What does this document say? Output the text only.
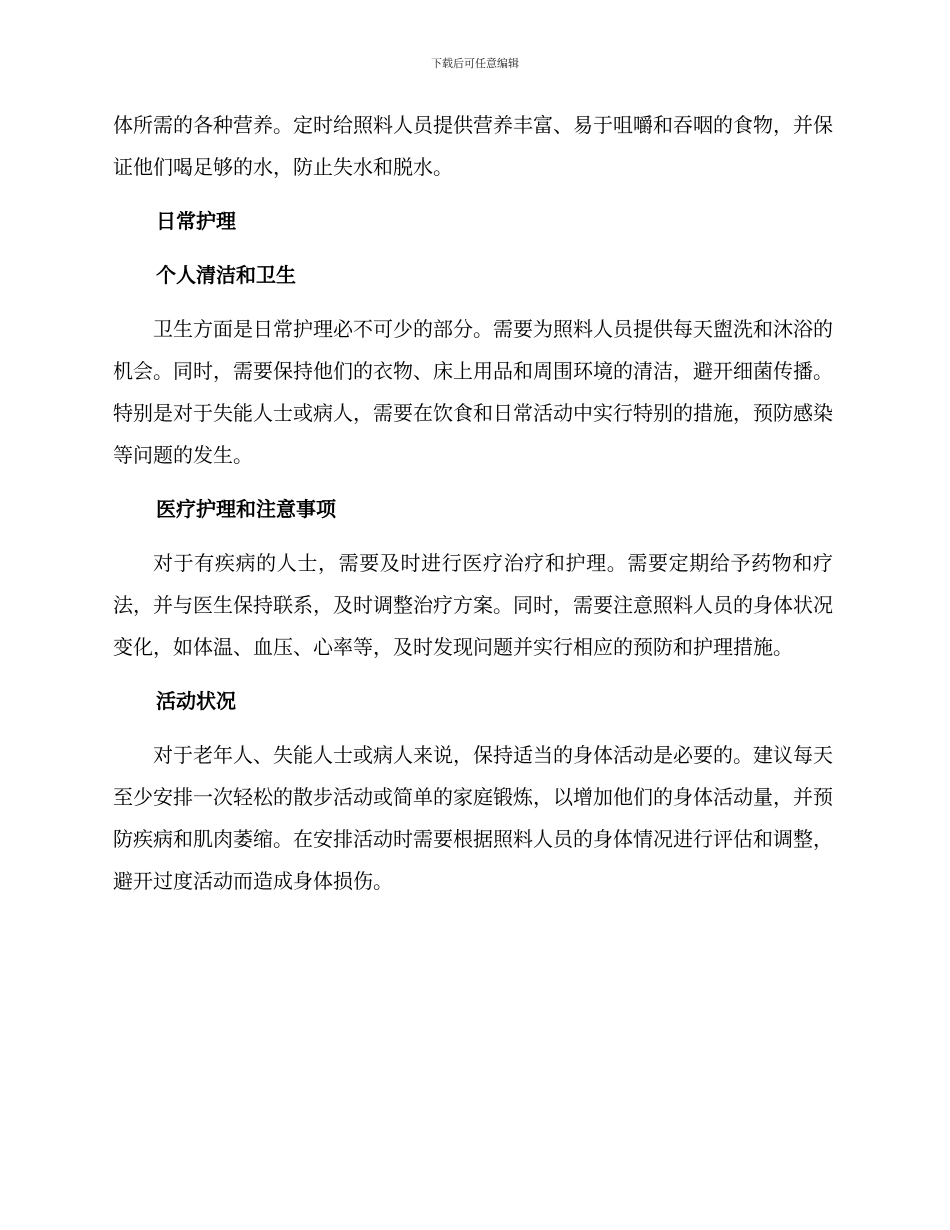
下载后可任意编辑

体所需的各种营养。定时给照料人员提供营养丰富、易于咀嚼和吞咽的食物，并保证他们喝足够的水，防止失水和脱水。

日常护理
个人清洁和卫生

卫生方面是日常护理必不可少的部分。需要为照料人员提供每天盥洗和沐浴的机会。同时，需要保持他们的衣物、床上用品和周围环境的清洁，避开细菌传播。特别是对于失能人士或病人，需要在饮食和日常活动中实行特别的措施，预防感染等问题的发生。

医疗护理和注意事项

对于有疾病的人士，需要及时进行医疗治疗和护理。需要定期给予药物和疗法，并与医生保持联系，及时调整治疗方案。同时，需要注意照料人员的身体状况变化，如体温、血压、心率等，及时发现问题并实行相应的预防和护理措施。

活动状况

对于老年人、失能人士或病人来说，保持适当的身体活动是必要的。建议每天至少安排一次轻松的散步活动或简单的家庭锻炼，以增加他们的身体活动量，并预防疾病和肌肉萎缩。在安排活动时需要根据照料人员的身体情况进行评估和调整，避开过度活动而造成身体损伤。
